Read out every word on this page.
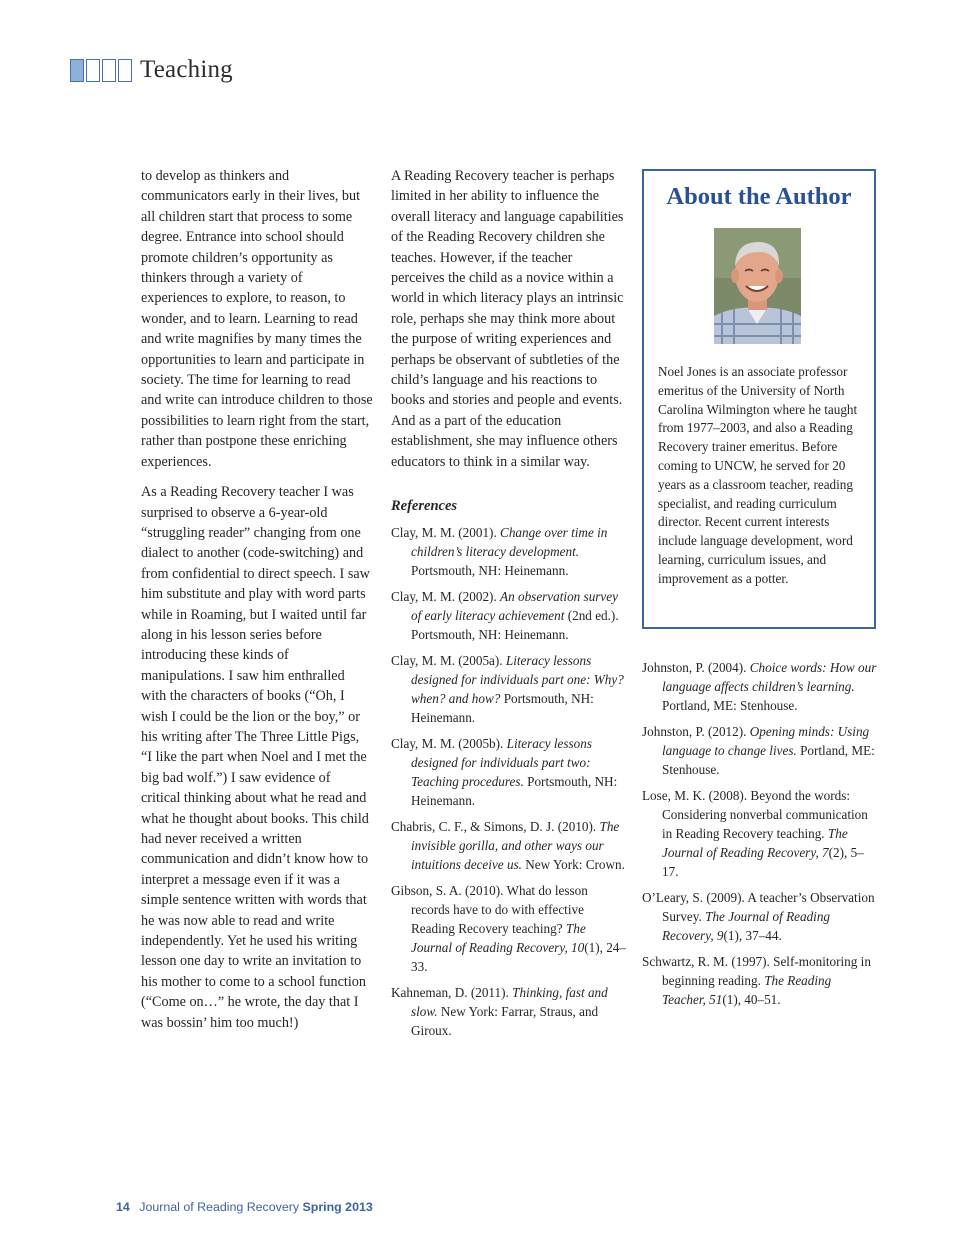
Teaching

to develop as thinkers and communicators early in their lives, but all children start that process to some degree. Entrance into school should promote children’s opportunity as thinkers through a variety of experiences to explore, to reason, to wonder, and to learn. Learning to read and write magnifies by many times the opportunities to learn and participate in society. The time for learning to read and write can introduce children to those possibilities to learn right from the start, rather than postpone these enriching experiences.

As a Reading Recovery teacher I was surprised to observe a 6-year-old “struggling reader” changing from one dialect to another (code-switching) and from confidential to direct speech. I saw him substitute and play with word parts while in Roaming, but I waited until far along in his lesson series before introducing these kinds of manipulations. I saw him enthralled with the characters of books (“Oh, I wish I could be the lion or the boy,” or his writing after The Three Little Pigs, “I like the part when Noel and I met the big bad wolf.”) I saw evidence of critical thinking about what he read and what he thought about books. This child had never received a written communication and didn’t know how to interpret a message even if it was a simple sentence written with words that he was now able to read and write independently. Yet he used his writing lesson one day to write an invitation to his mother to come to a school function (“Come on…” he wrote, the day that I was bossin’ him too much!)

A Reading Recovery teacher is perhaps limited in her ability to influence the overall literacy and language capabilities of the Reading Recovery children she teaches. However, if the teacher perceives the child as a novice within a world in which literacy plays an intrinsic role, perhaps she may think more about the purpose of writing experiences and perhaps be observant of subtleties of the child’s language and his reactions to books and stories and people and events. And as a part of the education establishment, she may influence others educators to think in a similar way.

References
Clay, M. M. (2001). Change over time in children’s literacy development. Portsmouth, NH: Heinemann.
Clay, M. M. (2002). An observation survey of early literacy achievement (2nd ed.). Portsmouth, NH: Heinemann.
Clay, M. M. (2005a). Literacy lessons designed for individuals part one: Why? when? and how? Portsmouth, NH: Heinemann.
Clay, M. M. (2005b). Literacy lessons designed for individuals part two: Teaching procedures. Portsmouth, NH: Heinemann.
Chabris, C. F., & Simons, D. J. (2010). The invisible gorilla, and other ways our intuitions deceive us. New York: Crown.
Gibson, S. A. (2010). What do lesson records have to do with effective Reading Recovery teaching? The Journal of Reading Recovery, 10(1), 24–33.
Kahneman, D. (2011). Thinking, fast and slow. New York: Farrar, Straus, and Giroux.
About the Author
Noel Jones is an associate professor emeritus of the University of North Carolina Wilmington where he taught from 1977–2003, and also a Reading Recovery trainer emeritus. Before coming to UNCW, he served for 20 years as a classroom teacher, reading specialist, and reading curriculum director. Recent current interests include language development, word learning, curriculum issues, and improvement as a potter.
Johnston, P. (2004). Choice words: How our language affects children’s learning. Portland, ME: Stenhouse.
Johnston, P. (2012). Opening minds: Using language to change lives. Portland, ME: Stenhouse.
Lose, M. K. (2008). Beyond the words: Considering nonverbal communication in Reading Recovery teaching. The Journal of Reading Recovery, 7(2), 5–17.
O’Leary, S. (2009). A teacher’s Observation Survey. The Journal of Reading Recovery, 9(1), 37–44.
Schwartz, R. M. (1997). Self-monitoring in beginning reading. The Reading Teacher, 51(1), 40–51.
14 Journal of Reading Recovery Spring 2013
